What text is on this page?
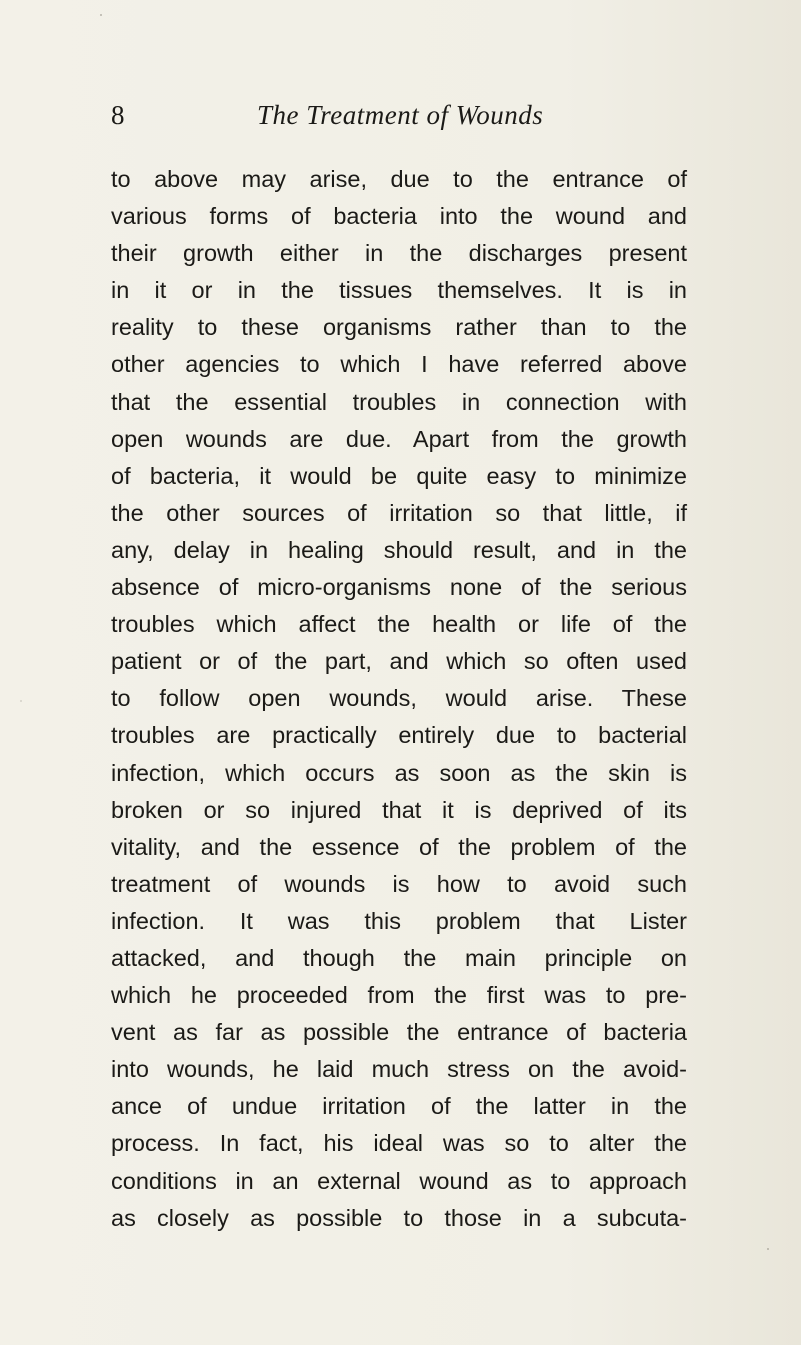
8	The Treatment of Wounds
to above may arise, due to the entrance of
various forms of bacteria into the wound and
their growth either in the discharges present
in it or in the tissues themselves. It is in
reality to these organisms rather than to the
other agencies to which I have referred above
that the essential troubles in connection with
open wounds are due. Apart from the growth
of bacteria, it would be quite easy to minimize
the other sources of irritation so that little, if
any, delay in healing should result, and in the
absence of micro-organisms none of the serious
troubles which affect the health or life of the
patient or of the part, and which so often used
to follow open wounds, would arise. These
troubles are practically entirely due to bacterial
infection, which occurs as soon as the skin is
broken or so injured that it is deprived of its
vitality, and the essence of the problem of the
treatment of wounds is how to avoid such
infection. It was this problem that Lister
attacked, and though the main principle on
which he proceeded from the first was to pre-
vent as far as possible the entrance of bacteria
into wounds, he laid much stress on the avoid-
ance of undue irritation of the latter in the
process. In fact, his ideal was so to alter the
conditions in an external wound as to approach
as closely as possible to those in a subcuta-
